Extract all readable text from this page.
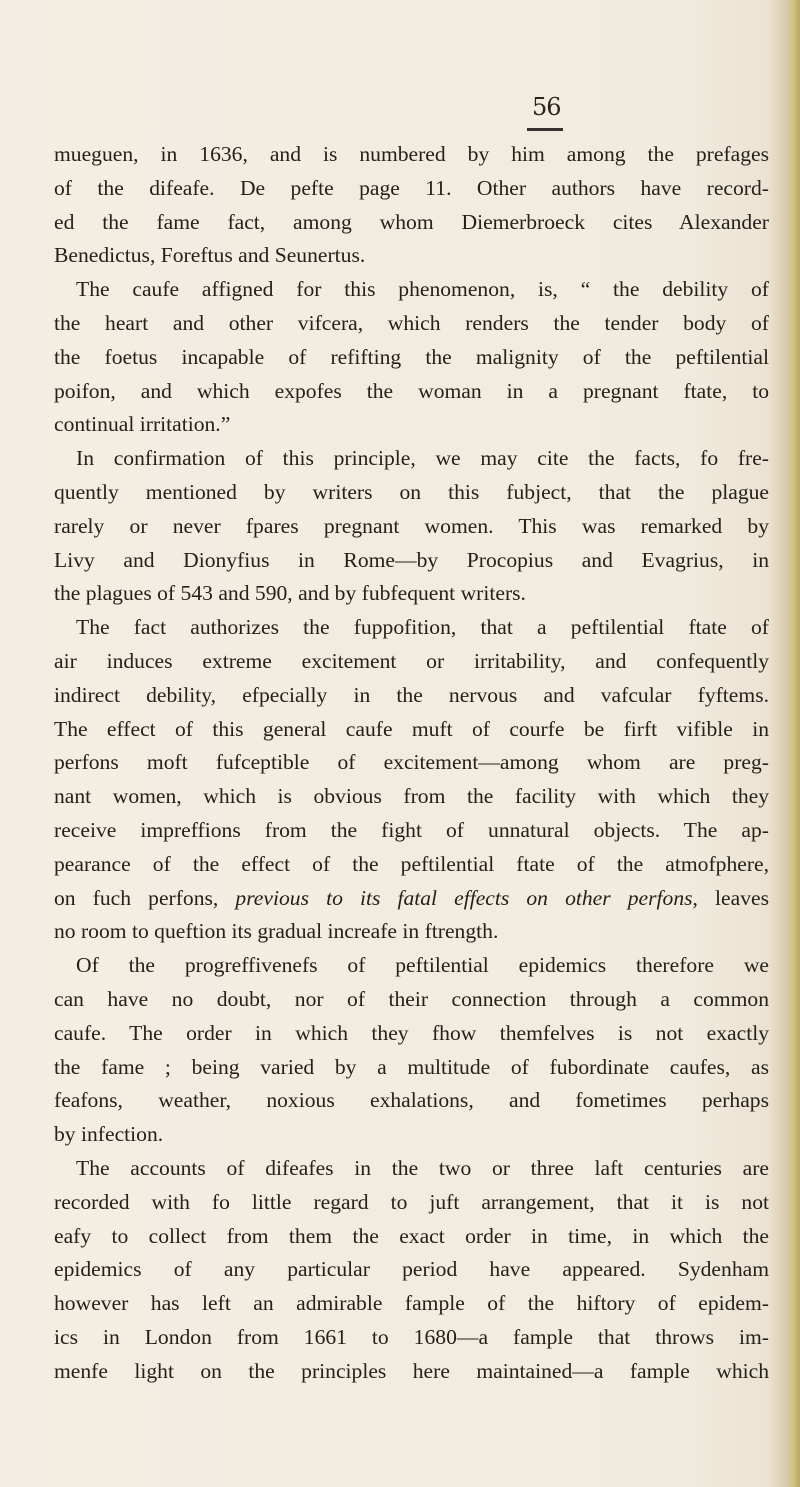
56
mueguen, in 1636, and is numbered by him among the prefages
of the difeafe. De pefte page 11. Other authors have record-
ed the fame fact, among whom Diemerbroeck cites Alexander
Benedictus, Foreftus and Seunertus.
The caufe affigned for this phenomenon, is, “ the debility of
the heart and other vifcera, which renders the tender body of
the foetus incapable of refifting the malignity of the peftilential
poifon, and which expofes the woman in a pregnant ftate, to
continual irritation.”
In confirmation of this principle, we may cite the facts, fo fre-
quently mentioned by writers on this fubject, that the plague
rarely or never fpares pregnant women. This was remarked by
Livy and Dionyfius in Rome—by Procopius and Evagrius, in
the plagues of 543 and 590, and by fubfequent writers.
The fact authorizes the fuppofition, that a peftilential ftate of
air induces extreme excitement or irritability, and confequently
indirect debility, efpecially in the nervous and vafcular fyftems.
The effect of this general caufe muft of courfe be firft vifible in
perfons moft fufceptible of excitement—among whom are preg-
nant women, which is obvious from the facility with which they
receive impreffions from the fight of unnatural objects. The ap-
pearance of the effect of the peftilential ftate of the atmofphere,
on fuch perfons, previous to its fatal effects on other perfons, leaves
no room to queftion its gradual increafe in ftrength.
Of the progreffivenefs of peftilential epidemics therefore we
can have no doubt, nor of their connection through a common
caufe. The order in which they fhow themfelves is not exactly
the fame ; being varied by a multitude of fubordinate caufes, as
feafons, weather, noxious exhalations, and fometimes perhaps
by infection.
The accounts of difeafes in the two or three laft centuries are
recorded with fo little regard to juft arrangement, that it is not
eafy to collect from them the exact order in time, in which the
epidemics of any particular period have appeared. Sydenham
however has left an admirable fample of the hiftory of epidem-
ics in London from 1661 to 1680—a fample that throws im-
menfe light on the principles here maintained—a fample which
